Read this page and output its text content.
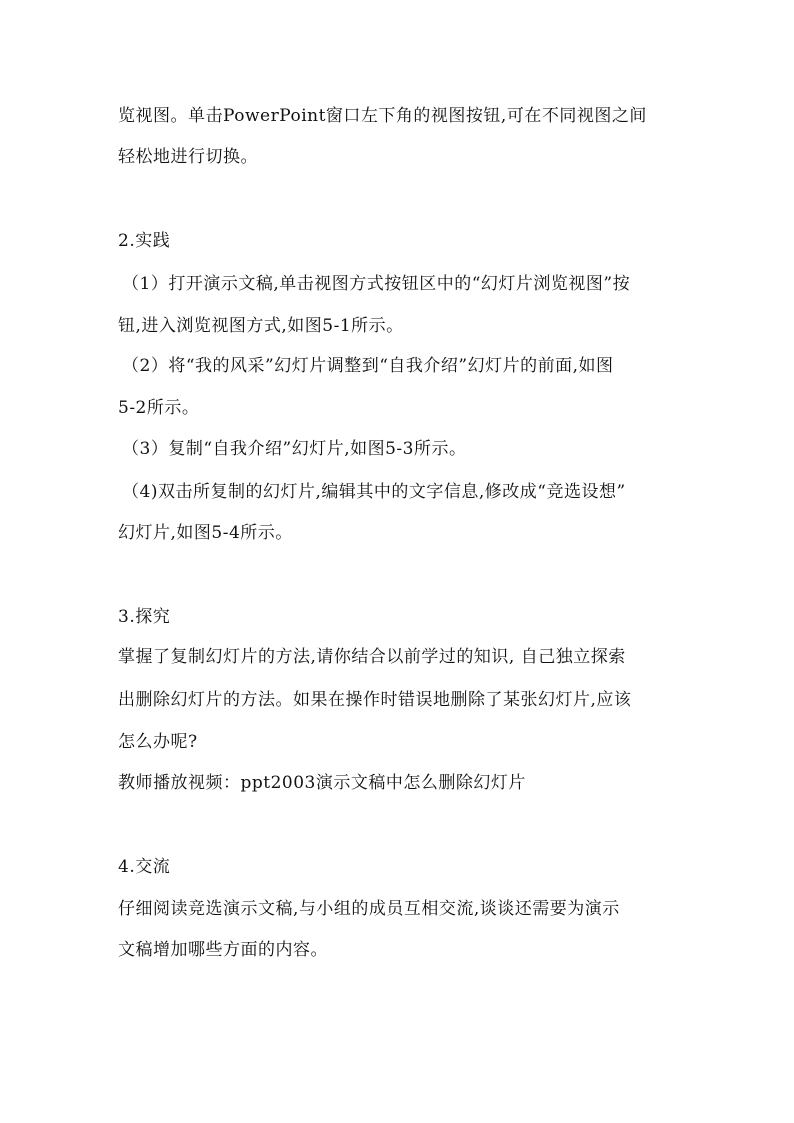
览视图。单击PowerPoint窗口左下角的视图按钮,可在不同视图之间
轻松地进行切换。
2.实践
（1）打开演示文稿,单击视图方式按钮区中的“幻灯片浏览视图”按
钮,进入浏览视图方式,如图5-1所示。
（2）将“我的风采”幻灯片调整到“自我介绍”幻灯片的前面,如图
5-2所示。
（3）复制“自我介绍”幻灯片,如图5-3所示。
（4)双击所复制的幻灯片,编辑其中的文字信息,修改成“竞选设想”
幻灯片,如图5-4所示。
3.探究
掌握了复制幻灯片的方法,请你结合以前学过的知识, 自己独立探索
出删除幻灯片的方法。如果在操作时错误地删除了某张幻灯片,应该
怎么办呢?
教师播放视频：ppt2003演示文稿中怎么删除幻灯片
4.交流
仔细阅读竞选演示文稿,与小组的成员互相交流,谈谈还需要为演示
文稿增加哪些方面的内容。
